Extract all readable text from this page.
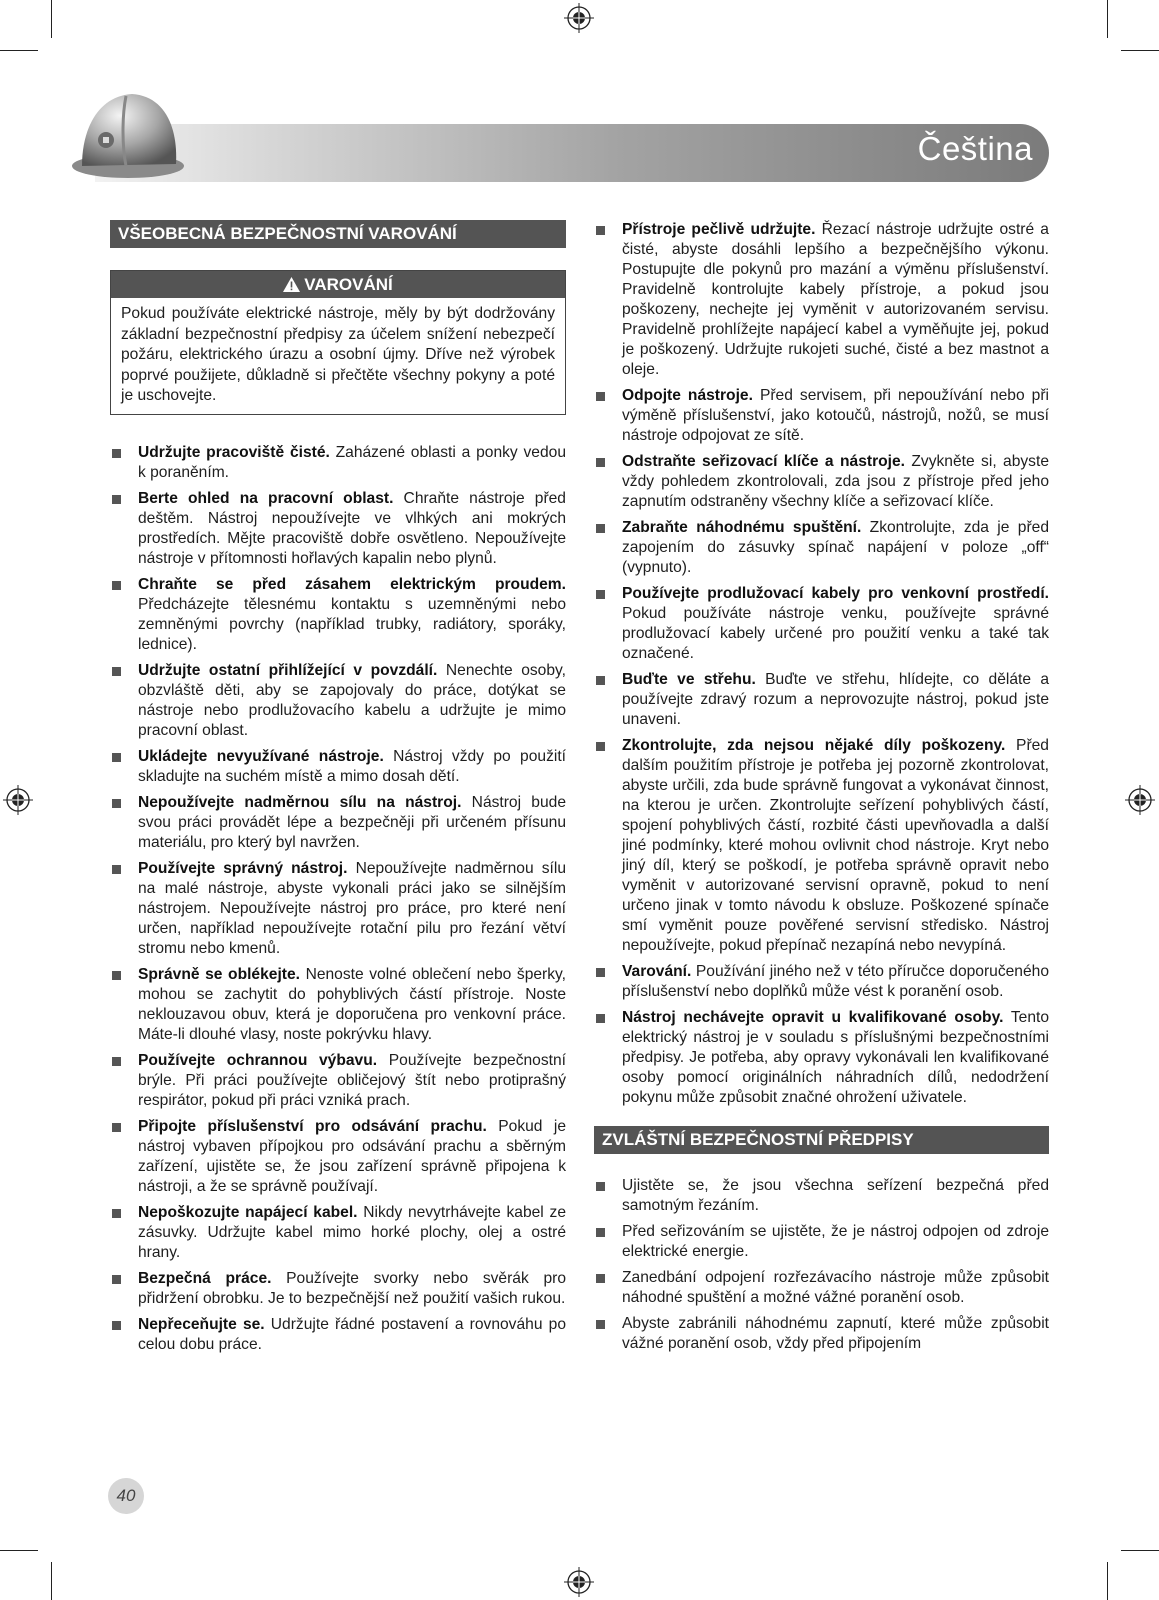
Čeština
VŠEOBECNÁ BEZPEČNOSTNÍ VAROVÁNÍ
VAROVÁNÍ
Pokud používáte elektrické nástroje, měly by být dodržovány základní bezpečnostní předpisy za účelem snížení nebezpečí požáru, elektrického úrazu a osobní újmy. Dříve než výrobek poprvé použijete, důkladně si přečtěte všechny pokyny a poté je uschovejte.
Udržujte pracoviště čisté. Zaházené oblasti a ponky vedou k poraněním.
Berte ohled na pracovní oblast. Chraňte nástroje před deštěm. Nástroj nepoužívejte ve vlhkých ani mokrých prostředích. Mějte pracoviště dobře osvětleno. Nepoužívejte nástroje v přítomnosti hořlavých kapalin nebo plynů.
Chraňte se před zásahem elektrickým proudem. Předcházejte tělesnému kontaktu s uzemněnými nebo zemněnými povrchy (například trubky, radiátory, sporáky, lednice).
Udržujte ostatní přihlížející v povzdálí. Nenechte osoby, obzvláště děti, aby se zapojovaly do práce, dotýkat se nástroje nebo prodlužovacího kabelu a udržujte je mimo pracovní oblast.
Ukládejte nevyužívané nástroje. Nástroj vždy po použití skladujte na suchém místě a mimo dosah dětí.
Nepoužívejte nadměrnou sílu na nástroj. Nástroj bude svou práci provádět lépe a bezpečněji při určeném přísunu materiálu, pro který byl navržen.
Používejte správný nástroj. Nepoužívejte nadměrnou sílu na malé nástroje, abyste vykonali práci jako se silnějším nástrojem. Nepoužívejte nástroj pro práce, pro které není určen, například nepoužívejte rotační pilu pro řezání větví stromu nebo kmenů.
Správně se oblékejte. Nenoste volné oblečení nebo šperky, mohou se zachytit do pohyblivých částí přístroje. Noste neklouzavou obuv, která je doporučena pro venkovní práce. Máte-li dlouhé vlasy, noste pokrývku hlavy.
Používejte ochrannou výbavu. Používejte bezpečnostní brýle. Při práci používejte obličejový štít nebo protiprašný respirátor, pokud při práci vzniká prach.
Připojte příslušenství pro odsávání prachu. Pokud je nástroj vybaven přípojkou pro odsávání prachu a sběrným zařízení, ujistěte se, že jsou zařízení správně připojena k nástroji, a že se správně používají.
Nepoškozujte napájecí kabel. Nikdy nevytrhávejte kabel ze zásuvky. Udržujte kabel mimo horké plochy, olej a ostré hrany.
Bezpečná práce. Používejte svorky nebo svěrák pro přidržení obrobku. Je to bezpečnější než použití vašich rukou.
Nepřeceňujte se. Udržujte řádné postavení a rovnováhu po celou dobu práce.
Přístroje pečlivě udržujte. Řezací nástroje udržujte ostré a čisté, abyste dosáhli lepšího a bezpečnějšího výkonu. Postupujte dle pokynů pro mazání a výměnu příslušenství. Pravidelně kontrolujte kabely přístroje, a pokud jsou poškozeny, nechejte jej vyměnit v autorizovaném servisu. Pravidelně prohlížejte napájecí kabel a vyměňujte jej, pokud je poškozený. Udržujte rukojeti suché, čisté a bez mastnot a oleje.
Odpojte nástroje. Před servisem, při nepoužívání nebo při výměně příslušenství, jako kotoučů, nástrojů, nožů, se musí nástroje odpojovat ze sítě.
Odstraňte seřizovací klíče a nástroje. Zvykněte si, abyste vždy pohledem zkontrolovali, zda jsou z přístroje před jeho zapnutím odstraněny všechny klíče a seřizovací klíče.
Zabraňte náhodnému spuštění. Zkontrolujte, zda je před zapojením do zásuvky spínač napájení v poloze „off“ (vypnuto).
Používejte prodlužovací kabely pro venkovní prostředí. Pokud používáte nástroje venku, používejte správné prodlužovací kabely určené pro použití venku a také tak označené.
Buďte ve střehu. Buďte ve střehu, hlídejte, co děláte a používejte zdravý rozum a neprovozujte nástroj, pokud jste unaveni.
Zkontrolujte, zda nejsou nějaké díly poškozeny. Před dalším použitím přístroje je potřeba jej pozorně zkontrolovat, abyste určili, zda bude správně fungovat a vykonávat činnost, na kterou je určen. Zkontrolujte seřízení pohyblivých částí, spojení pohyblivých částí, rozbité části upevňovadla a další jiné podmínky, které mohou ovlivnit chod nástroje. Kryt nebo jiný díl, který se poškodí, je potřeba správně opravit nebo vyměnit v autorizované servisní opravně, pokud to není určeno jinak v tomto návodu k obsluze. Poškozené spínače smí vyměnit pouze pověřené servisní středisko. Nástroj nepoužívejte, pokud přepínač nezapíná nebo nevypíná.
Varování. Používání jiného než v této příručce doporučeného příslušenství nebo doplňků může vést k poranění osob.
Nástroj nechávejte opravit u kvalifikované osoby. Tento elektrický nástroj je v souladu s příslušnými bezpečnostními předpisy. Je potřeba, aby opravy vykonávali len kvalifikované osoby pomocí originálních náhradních dílů, nedodržení pokynu může způsobit značné ohrožení uživatele.
ZVLÁŠTNÍ BEZPEČNOSTNÍ PŘEDPISY
Ujistěte se, že jsou všechna seřízení bezpečná před samotným řezáním.
Před seřizováním se ujistěte, že je nástroj odpojen od zdroje elektrické energie.
Zanedbání odpojení rozřezávacího nástroje může způsobit náhodné spuštění a možné vážné poranění osob.
Abyste zabránili náhodnému zapnutí, které může způsobit vážné poranění osob, vždy před připojením
40
